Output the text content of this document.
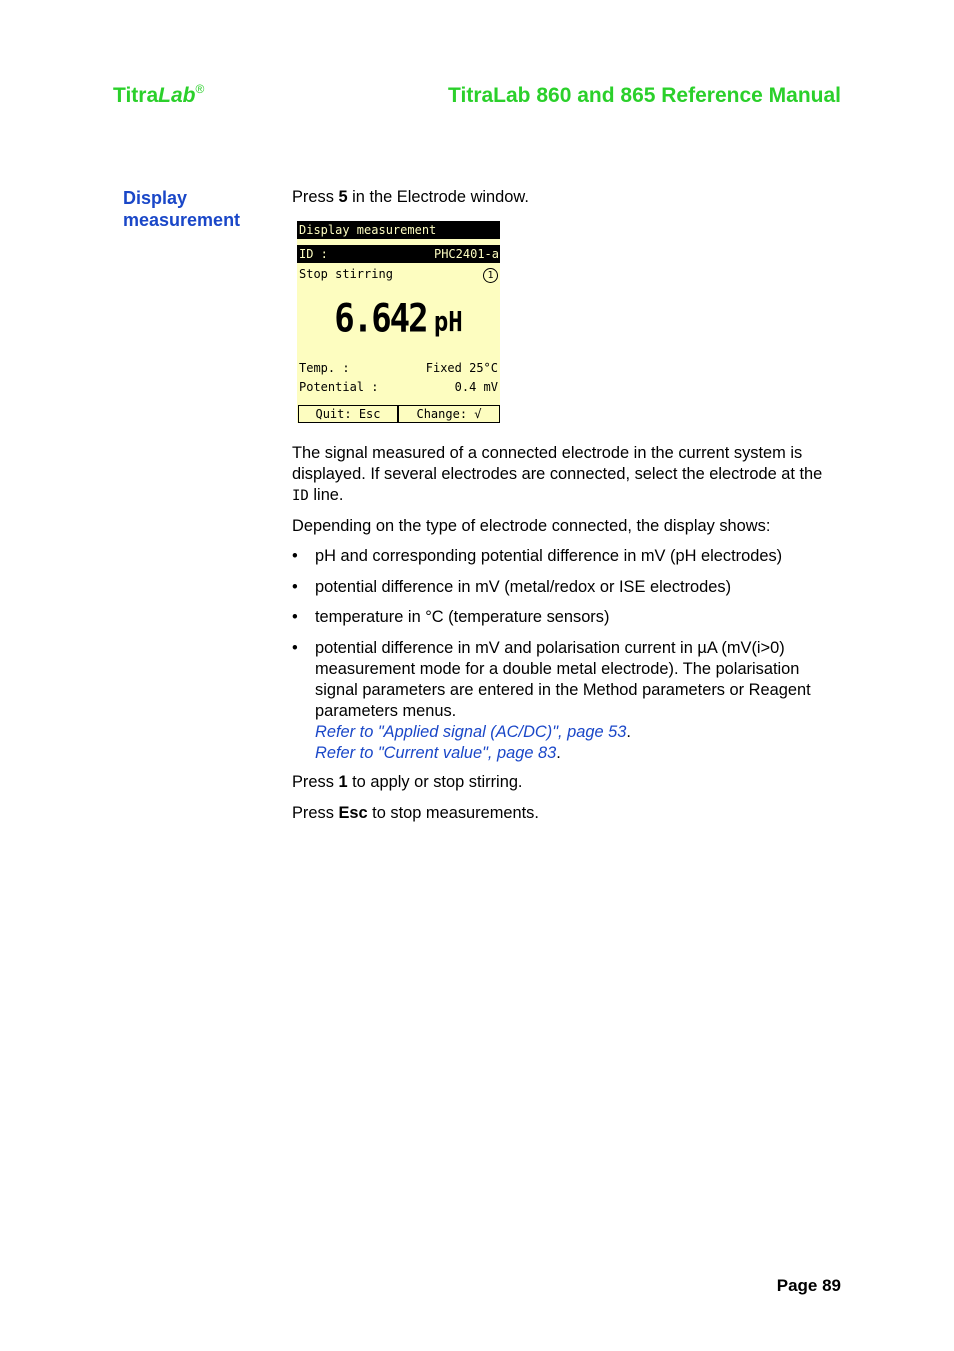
TitraLab®	TitraLab 860 and 865 Reference Manual
Display
measurement

Press 5 in the Electrode window.

Display measurement
ID :	PHC2401-a
Stop stirring	1
6.642 pH
Temp. :	Fixed 25°C
Potential :	0.4 mV
Quit: Esc	Change: √

The signal measured of a connected electrode in the current system is displayed. If several electrodes are connected, select the electrode at the ID line.

Depending on the type of electrode connected, the display shows:

• pH and corresponding potential difference in mV (pH electrodes)
• potential difference in mV (metal/redox or ISE electrodes)
• temperature in °C (temperature sensors)
• potential difference in mV and polarisation current in µA (mV(i>0) measurement mode for a double metal electrode). The polarisation signal parameters are entered in the Method parameters or Reagent parameters menus.
Refer to "Applied signal (AC/DC)", page 53.
Refer to "Current value", page 83.

Press 1 to apply or stop stirring.

Press Esc to stop measurements.

Page 89
